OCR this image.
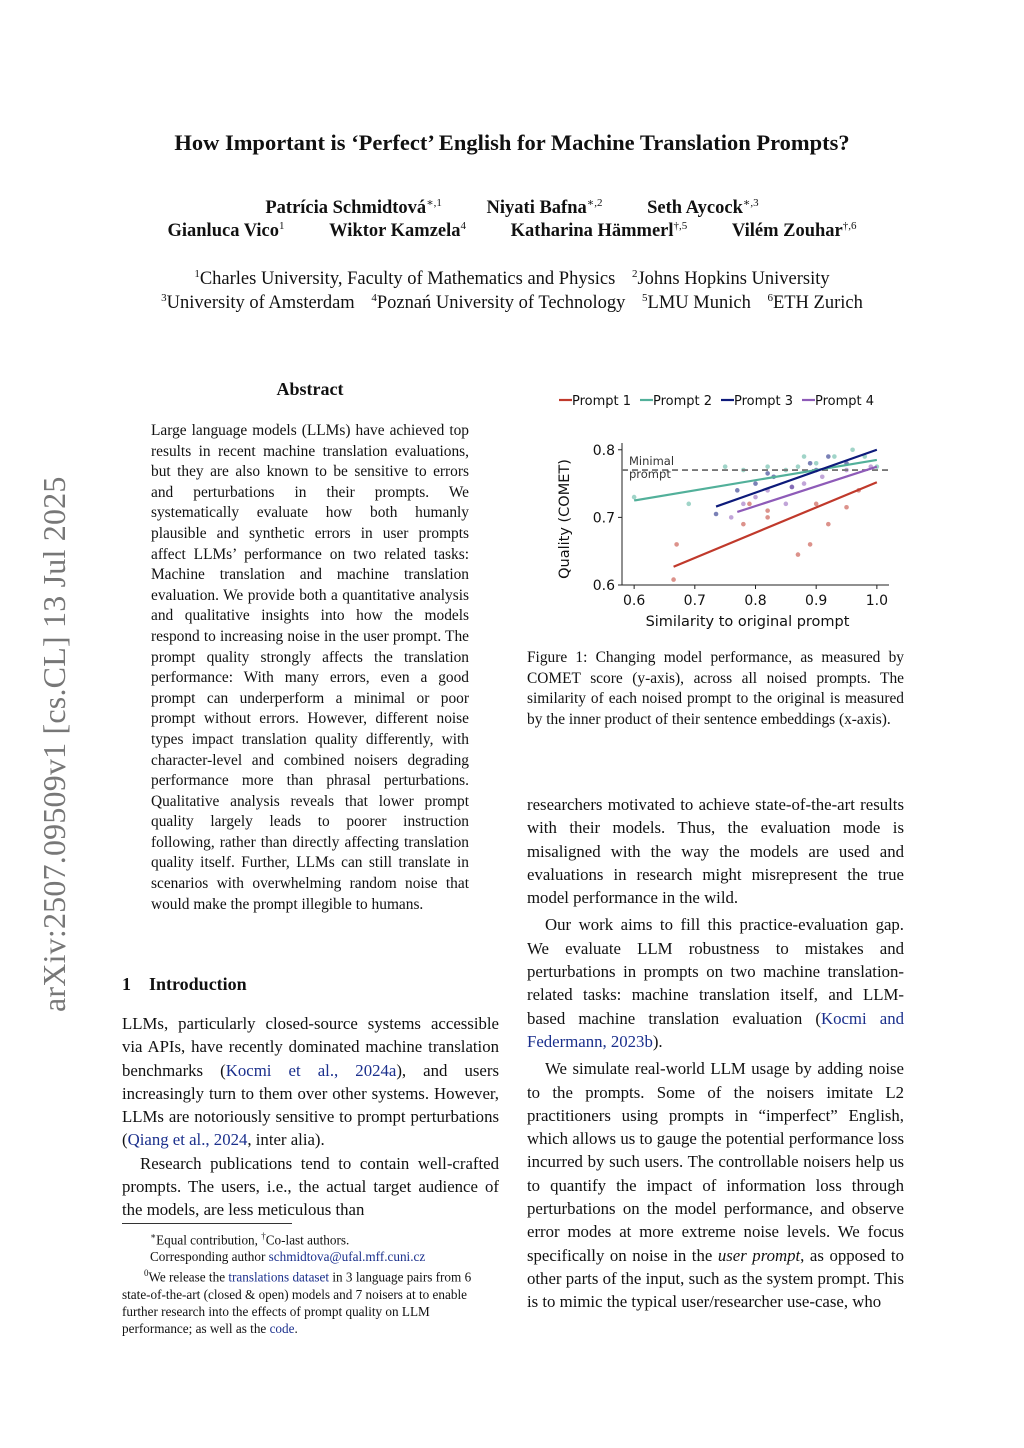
How Important is ‘Perfect’ English for Machine Translation Prompts?
Patrícia Schmidtová$^{∗,1}$ Niyati Bafna$^{∗,2}$ Seth Aycock$^{∗,3}$
Gianluca Vico$^1$ Wiktor Kamzela$^4$ Katharina Hämmerl$^{\dagger,5}$ Vilém Zouhar$^{\dagger,6}$
$^1$Charles University, Faculty of Mathematics and Physics $^2$Johns Hopkins University
$^3$University of Amsterdam $^4$Poznań University of Technology $^5$LMU Munich $^6$ETH Zurich
arXiv:2507.09509v1 [cs.CL] 13 Jul 2025
Abstract
Large language models (LLMs) have achieved top results in recent machine translation evaluations, but they are also known to be sensitive to errors and perturbations in their prompts. We systematically evaluate how both humanly plausible and synthetic errors in user prompts affect LLMs’ performance on two related tasks: Machine translation and machine translation evaluation. We provide both a quantitative analysis and qualitative insights into how the models respond to increasing noise in the user prompt. The prompt quality strongly affects the translation performance: With many errors, even a good prompt can underperform a minimal or poor prompt without errors. However, different noise types impact translation quality differently, with character-level and combined noisers degrading performance more than phrasal perturbations. Qualitative analysis reveals that lower prompt quality largely leads to poorer instruction following, rather than directly affecting translation quality itself. Further, LLMs can still translate in scenarios with overwhelming random noise that would make the prompt illegible to humans.
1 Introduction

LLMs, particularly closed-source systems accessible via APIs, have recently dominated machine translation benchmarks (Kocmi et al., 2024a), and users increasingly turn to them over other systems. However, LLMs are notoriously sensitive to prompt perturbations (Qiang et al., 2024, inter alia).

Research publications tend to contain well-crafted prompts. The users, i.e., the actual target audience of the models, are less meticulous than

∗Equal contribution, †Co-last authors.
Corresponding author schmidtova@ufal.mff.cuni.cz
$^0$We release the translations dataset in 3 language pairs from 6 state-of-the-art (closed & open) models and 7 noisers at to enable further research into the effects of prompt quality on LLM performance; as well as the code.
Prompt 1 Prompt 2 Prompt 3 Prompt 4
0.6	0.7	0.8	0.9	1.0
0.6
0.7
0.8
Similarity to original prompt
Quality (COMET)	Minimal
prompt
Figure 1: Changing model performance, as measured by COMET score (y-axis), across all noised prompts. The similarity of each noised prompt to the original is measured by the inner product of their sentence embeddings (x-axis).

researchers motivated to achieve state-of-the-art results with their models. Thus, the evaluation mode is misaligned with the way the models are used and evaluations in research might misrepresent the true model performance in the wild.

Our work aims to fill this practice-evaluation gap. We evaluate LLM robustness to mistakes and perturbations in prompts on two machine translation-related tasks: machine translation itself, and LLM-based machine translation evaluation (Kocmi and Federmann, 2023b).

We simulate real-world LLM usage by adding noise to the prompts. Some of the noisers imitate L2 practitioners using prompts in “imperfect” English, which allows us to gauge the potential performance loss incurred by such users. The controllable noisers help us to quantify the impact of information loss through perturbations on the model performance, and observe error modes at more extreme noise levels. We focus specifically on noise in the user prompt, as opposed to other parts of the input, such as the system prompt. This is to mimic the typical user/researcher use-case, who
